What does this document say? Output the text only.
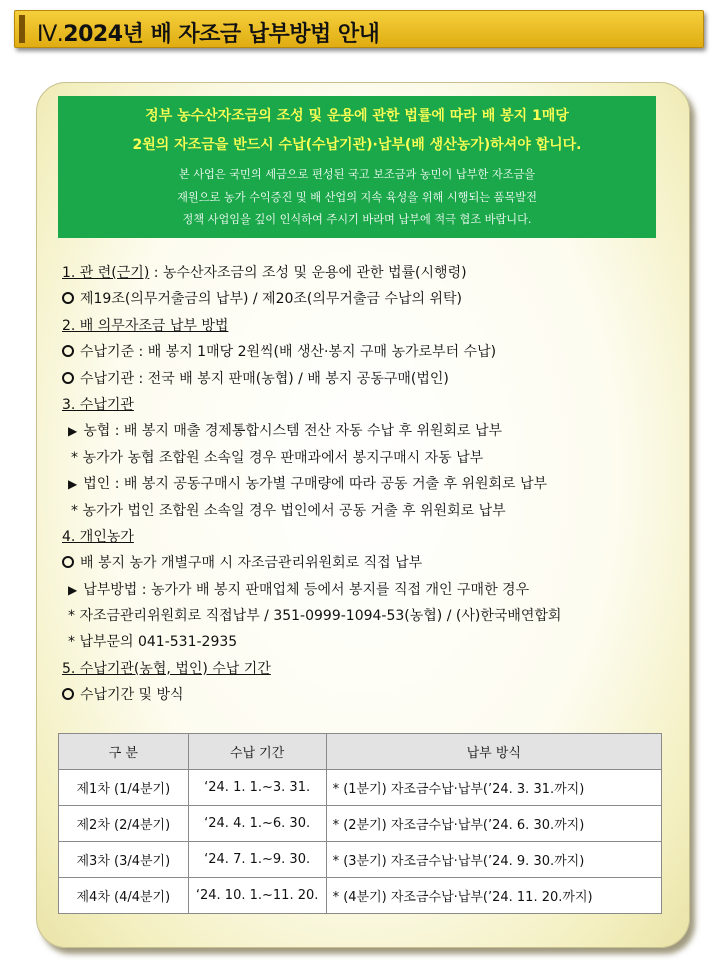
Ⅳ.2024년 배 자조금 납부방법 안내
정부 농수산자조금의 조성 및 운용에 관한 법률에 따라 배 봉지 1매당
2원의 자조금을 반드시 수납(수납기관)·납부(배 생산농가)하셔야 합니다.
본 사업은 국민의 세금으로 편성된 국고 보조금과 농민이 납부한 자조금을
재원으로 농가 수익증진 및 배 산업의 지속 육성을 위해 시행되는 품목발전
정책 사업임을 깊이 인식하여 주시기 바라며 납부에 적극 협조 바랍니다.
1. 관 련(근기) : 농수산자조금의 조성 및 운용에 관한 법률(시행령)
제19조(의무거출금의 납부) / 제20조(의무거출금 수납의 위탁)
2. 배 의무자조금 납부 방법
수납기준 : 배 봉지 1매당 2원씩(배 생산·봉지 구매 농가로부터 수납)
수납기관 : 전국 배 봉지 판매(농협) / 배 봉지 공동구매(법인)
3. 수납기관
▶ 농협 : 배 봉지 매출 경제통합시스템 전산 자동 수납 후 위원회로 납부
* 농가가 농협 조합원 소속일 경우 판매과에서 봉지구매시 자동 납부
▶ 법인 : 배 봉지 공동구매시 농가별 구매량에 따라 공동 거출 후 위원회로 납부
* 농가가 법인 조합원 소속일 경우 법인에서 공동 거출 후 위원회로 납부
4. 개인농가
배 봉지 농가 개별구매 시 자조금관리위원회로 직접 납부
▶ 납부방법 : 농가가 배 봉지 판매업체 등에서 봉지를 직접 개인 구매한 경우
* 자조금관리위원회로 직접납부 / 351-0999-1094-53(농협) / (사)한국배연합회
* 납부문의 041-531-2935
5. 수납기관(농협, 법인) 수납 기간
수납기간 및 방식
구 분	수납 기간	납부 방식
제1차 (1/4분기)	‘24. 1. 1.~3. 31.	* (1분기) 자조금수납·납부(’24. 3. 31.까지)
제2차 (2/4분기)	‘24. 4. 1.~6. 30.	* (2분기) 자조금수납·납부(’24. 6. 30.까지)
제3차 (3/4분기)	‘24. 7. 1.~9. 30.	* (3분기) 자조금수납·납부(’24. 9. 30.까지)
제4차 (4/4분기)	‘24. 10. 1.~11. 20.	* (4분기) 자조금수납·납부(’24. 11. 20.까지)
